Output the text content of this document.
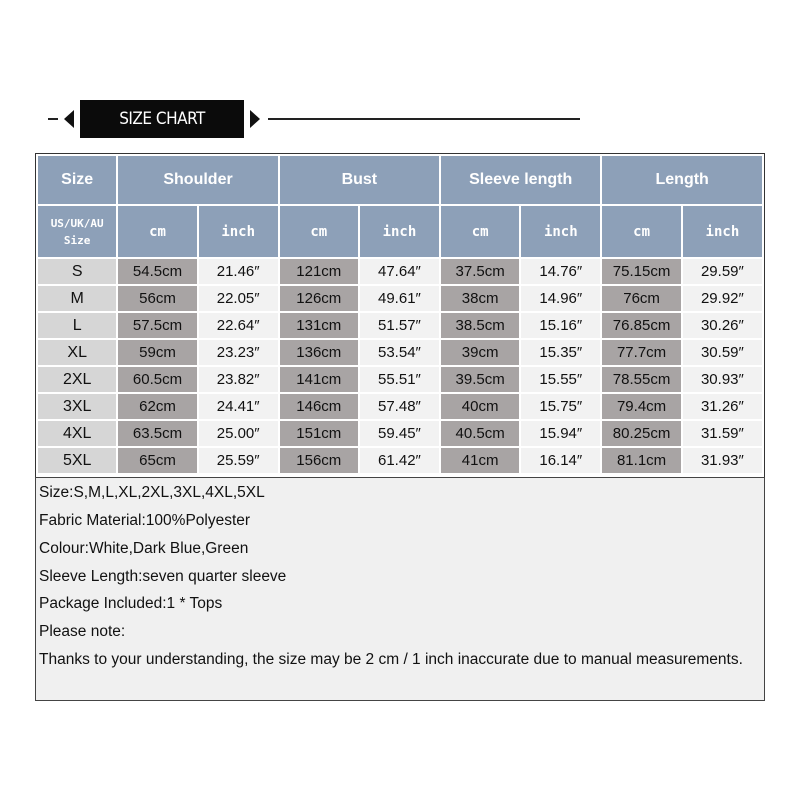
SIZE CHART
Size	Shoulder		Bust		Sleeve length		Length	

US/UK/AU
Size	cm	inch	cm	inch	cm	inch	cm	inch
S	54.5cm	21.46″	121cm	47.64″	37.5cm	14.76″	75.15cm	29.59″
M	56cm	22.05″	126cm	49.61″	38cm	14.96″	76cm	29.92″
L	57.5cm	22.64″	131cm	51.57″	38.5cm	15.16″	76.85cm	30.26″
XL	59cm	23.23″	136cm	53.54″	39cm	15.35″	77.7cm	30.59″
2XL	60.5cm	23.82″	141cm	55.51″	39.5cm	15.55″	78.55cm	30.93″
3XL	62cm	24.41″	146cm	57.48″	40cm	15.75″	79.4cm	31.26″
4XL	63.5cm	25.00″	151cm	59.45″	40.5cm	15.94″	80.25cm	31.59″
5XL	65cm	25.59″	156cm	61.42″	41cm	16.14″	81.1cm	31.93″
Size:S,M,L,XL,2XL,3XL,4XL,5XL
Fabric Material:100%Polyester
Colour:White,Dark Blue,Green
Sleeve Length:seven quarter sleeve
Package Included:1 * Tops
Please note:
Thanks to your understanding, the size may be 2 cm / 1 inch inaccurate due to manual measurements.
